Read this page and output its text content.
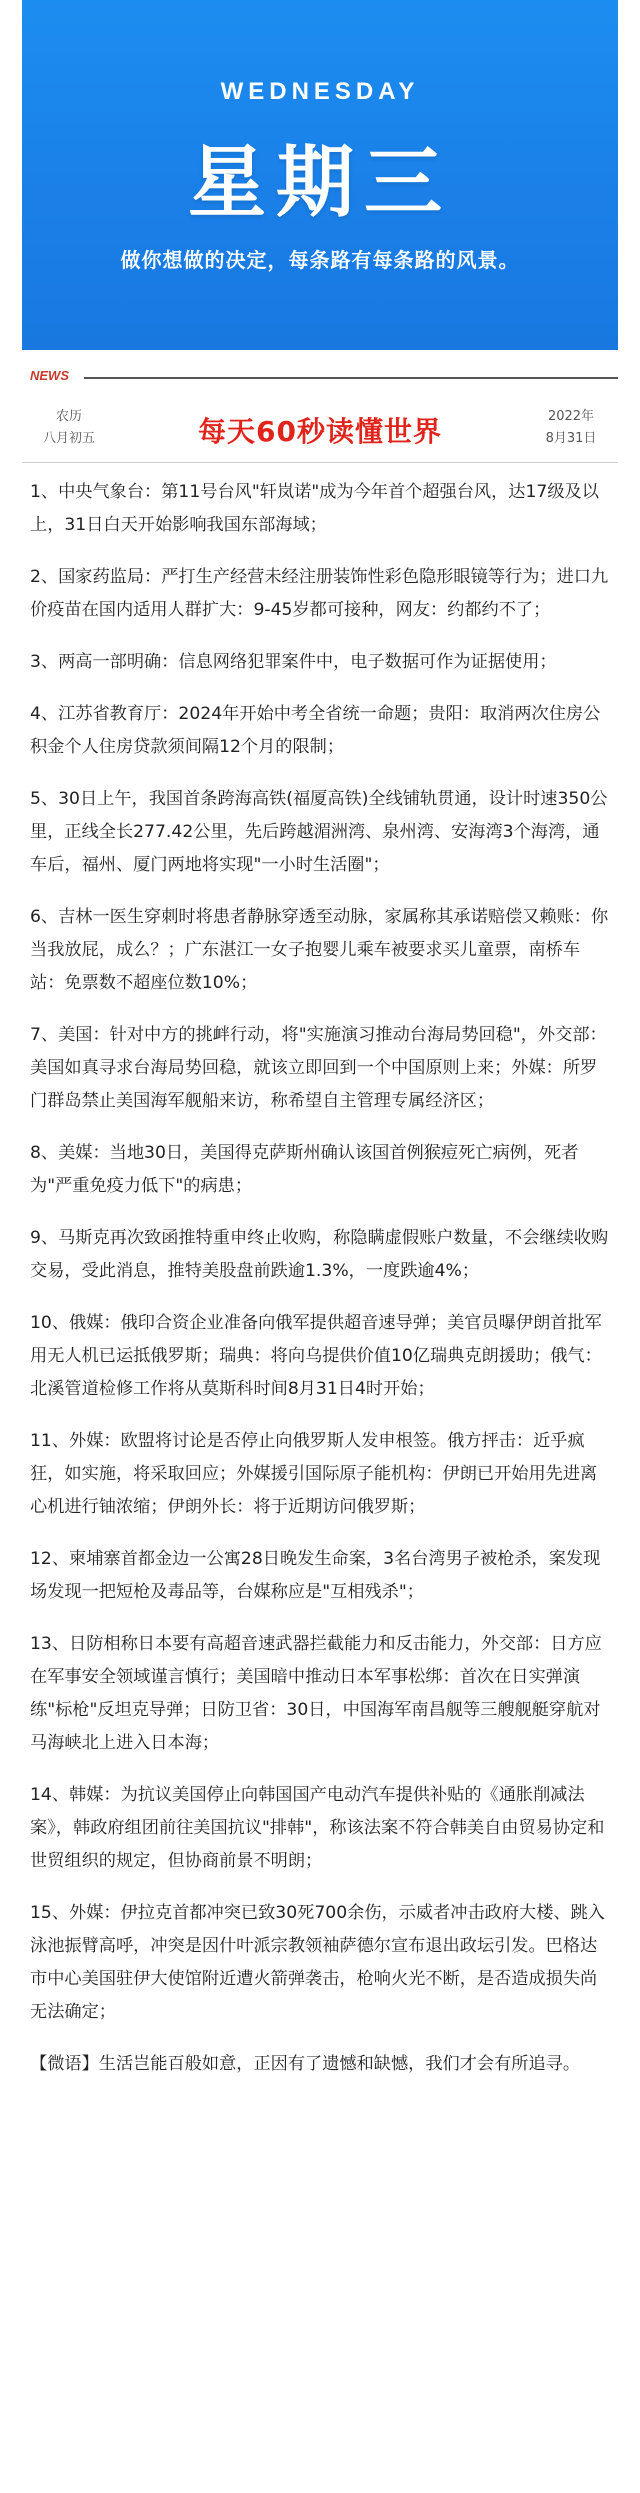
WEDNESDAY
星期三
做你想做的决定，每条路有每条路的风景。
NEWS
农历
八月初五	每天60秒读懂世界	2022年
8月31日

1、中央气象台：第11号台风"轩岚诺"成为今年首个超强台风，达17级及以上，31日白天开始影响我国东部海域；

2、国家药监局：严打生产经营未经注册装饰性彩色隐形眼镜等行为；进口九价疫苗在国内适用人群扩大：9-45岁都可接种，网友：约都约不了；

3、两高一部明确：信息网络犯罪案件中，电子数据可作为证据使用；

4、江苏省教育厅：2024年开始中考全省统一命题；贵阳：取消两次住房公积金个人住房贷款须间隔12个月的限制；

5、30日上午，我国首条跨海高铁(福厦高铁)全线铺轨贯通，设计时速350公里，正线全长277.42公里，先后跨越湄洲湾、泉州湾、安海湾3个海湾，通车后，福州、厦门两地将实现"一小时生活圈"；

6、吉林一医生穿刺时将患者静脉穿透至动脉，家属称其承诺赔偿又赖账：你当我放屁，成么？；广东湛江一女子抱婴儿乘车被要求买儿童票，南桥车站：免票数不超座位数10%；

7、美国：针对中方的挑衅行动，将"实施演习推动台海局势回稳"，外交部：美国如真寻求台海局势回稳，就该立即回到一个中国原则上来；外媒：所罗门群岛禁止美国海军舰船来访，称希望自主管理专属经济区；

8、美媒：当地30日，美国得克萨斯州确认该国首例猴痘死亡病例，死者为"严重免疫力低下"的病患；

9、马斯克再次致函推特重申终止收购，称隐瞒虚假账户数量，不会继续收购交易，受此消息，推特美股盘前跌逾1.3%，一度跌逾4%；

10、俄媒：俄印合资企业准备向俄军提供超音速导弹；美官员曝伊朗首批军用无人机已运抵俄罗斯；瑞典：将向乌提供价值10亿瑞典克朗援助；俄气：北溪管道检修工作将从莫斯科时间8月31日4时开始；

11、外媒：欧盟将讨论是否停止向俄罗斯人发申根签。俄方抨击：近乎疯狂，如实施，将采取回应；外媒援引国际原子能机构：伊朗已开始用先进离心机进行铀浓缩；伊朗外长：将于近期访问俄罗斯；

12、柬埔寨首都金边一公寓28日晚发生命案，3名台湾男子被枪杀，案发现场发现一把短枪及毒品等，台媒称应是"互相残杀"；

13、日防相称日本要有高超音速武器拦截能力和反击能力，外交部：日方应在军事安全领域谨言慎行；美国暗中推动日本军事松绑：首次在日实弹演练"标枪"反坦克导弹；日防卫省：30日，中国海军南昌舰等三艘舰艇穿航对马海峡北上进入日本海；

14、韩媒：为抗议美国停止向韩国国产电动汽车提供补贴的《通胀削减法案》，韩政府组团前往美国抗议"排韩"，称该法案不符合韩美自由贸易协定和世贸组织的规定，但协商前景不明朗；

15、外媒：伊拉克首都冲突已致30死700余伤，示威者冲击政府大楼、跳入泳池振臂高呼，冲突是因什叶派宗教领袖萨德尔宣布退出政坛引发。巴格达市中心美国驻伊大使馆附近遭火箭弹袭击，枪响火光不断，是否造成损失尚无法确定；

【微语】生活岂能百般如意，正因有了遗憾和缺憾，我们才会有所追寻。
